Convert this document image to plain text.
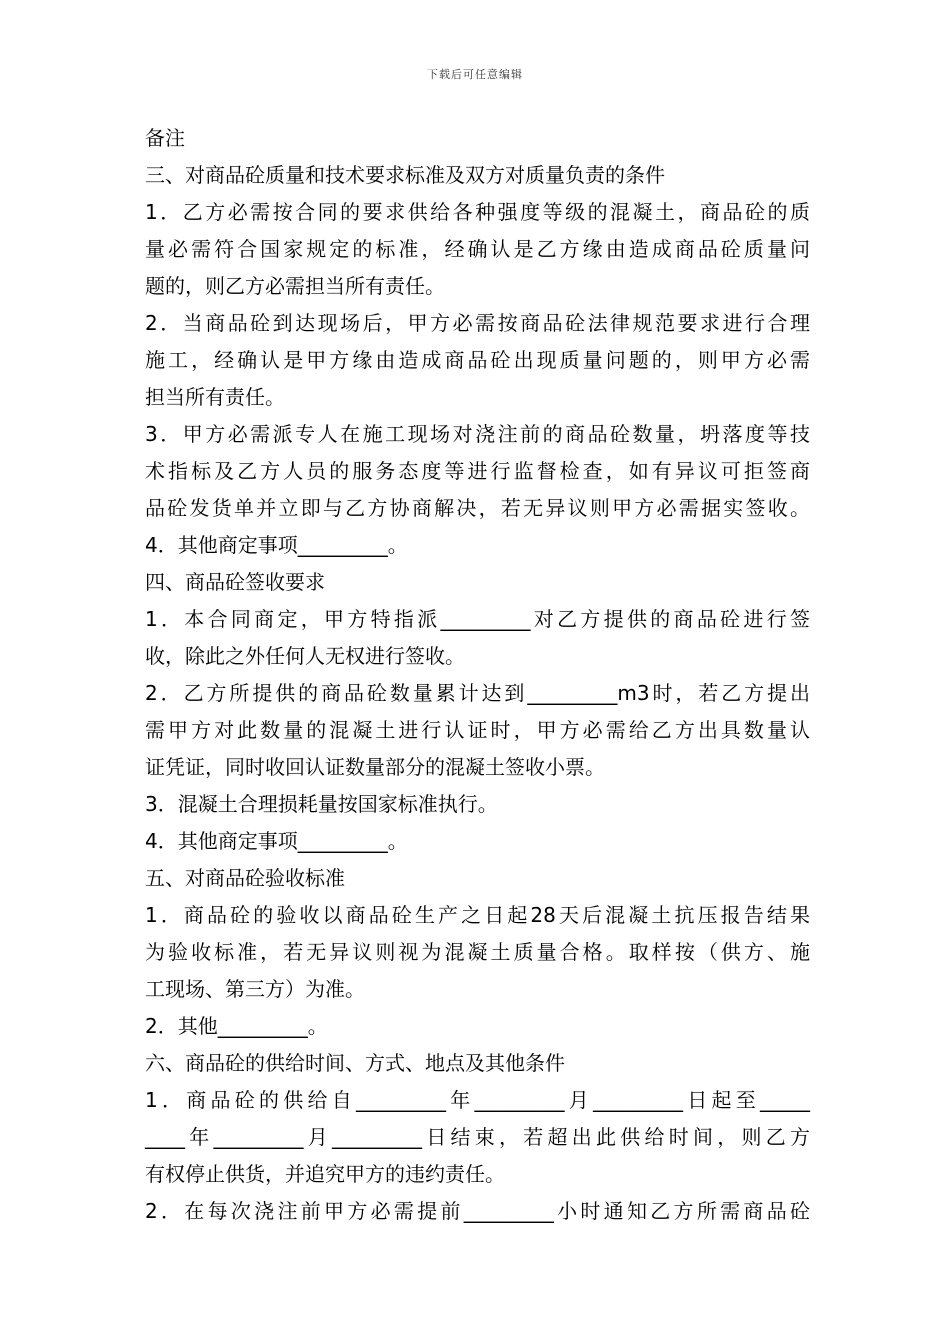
下载后可任意编辑
备注
三、对商品砼质量和技术要求标准及双方对质量负责的条件
1．乙方必需按合同的要求供给各种强度等级的混凝土，商品砼的质
量必需符合国家规定的标准，经确认是乙方缘由造成商品砼质量问
题的，则乙方必需担当所有责任。
2．当商品砼到达现场后，甲方必需按商品砼法律规范要求进行合理
施工，经确认是甲方缘由造成商品砼出现质量问题的，则甲方必需
担当所有责任。
3．甲方必需派专人在施工现场对浇注前的商品砼数量，坍落度等技
术指标及乙方人员的服务态度等进行监督检查，如有异议可拒签商
品砼发货单并立即与乙方协商解决，若无异议则甲方必需据实签收。
4．其他商定事项_________。
四、商品砼签收要求
1．本合同商定，甲方特指派_________对乙方提供的商品砼进行签
收，除此之外任何人无权进行签收。
2．乙方所提供的商品砼数量累计达到_________m3时，若乙方提出
需甲方对此数量的混凝土进行认证时，甲方必需给乙方出具数量认
证凭证，同时收回认证数量部分的混凝土签收小票。
3．混凝土合理损耗量按国家标准执行。
4．其他商定事项_________。
五、对商品砼验收标准
1．商品砼的验收以商品砼生产之日起28天后混凝土抗压报告结果
为验收标准，若无异议则视为混凝土质量合格。取样按（供方、施
工现场、第三方）为准。
2．其他_________。
六、商品砼的供给时间、方式、地点及其他条件
1．商品砼的供给自_________年_________月_________日起至_____
____年_________月_________日结束，若超出此供给时间，则乙方
有权停止供货，并追究甲方的违约责任。
2．在每次浇注前甲方必需提前_________小时通知乙方所需商品砼
